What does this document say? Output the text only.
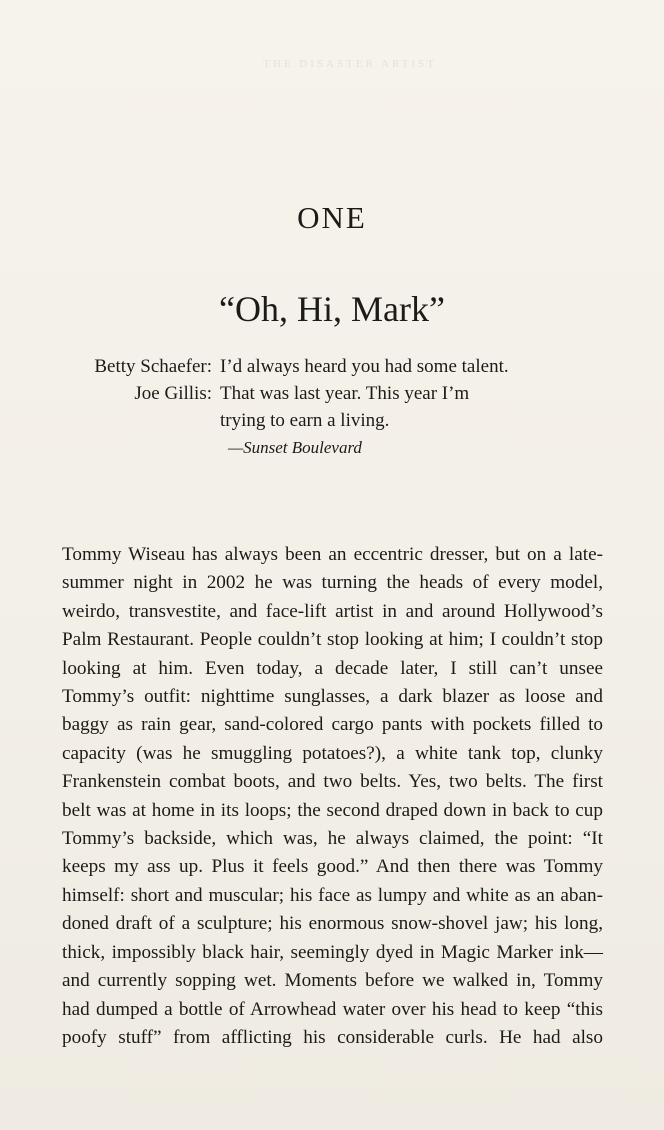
THE DISASTER ARTIST
ONE
“Oh, Hi, Mark”
Betty Schaefer: I’d always heard you had some talent.
Joe Gillis: That was last year. This year I’m
trying to earn a living.
—Sunset Boulevard
Tommy Wiseau has always been an eccentric dresser, but on a late-
summer night in 2002 he was turning the heads of every model,
weirdo, transvestite, and face-lift artist in and around Hollywood’s
Palm Restaurant. People couldn’t stop looking at him; I couldn’t stop
looking at him. Even today, a decade later, I still can’t unsee
Tommy’s outfit: nighttime sunglasses, a dark blazer as loose and
baggy as rain gear, sand-colored cargo pants with pockets filled to
capacity (was he smuggling potatoes?), a white tank top, clunky
Frankenstein combat boots, and two belts. Yes, two belts. The first
belt was at home in its loops; the second draped down in back to cup
Tommy’s backside, which was, he always claimed, the point: “It
keeps my ass up. Plus it feels good.” And then there was Tommy
himself: short and muscular; his face as lumpy and white as an aban-
doned draft of a sculpture; his enormous snow-shovel jaw; his long,
thick, impossibly black hair, seemingly dyed in Magic Marker ink—
and currently sopping wet. Moments before we walked in, Tommy
had dumped a bottle of Arrowhead water over his head to keep “this
poofy stuff” from afflicting his considerable curls. He had also
